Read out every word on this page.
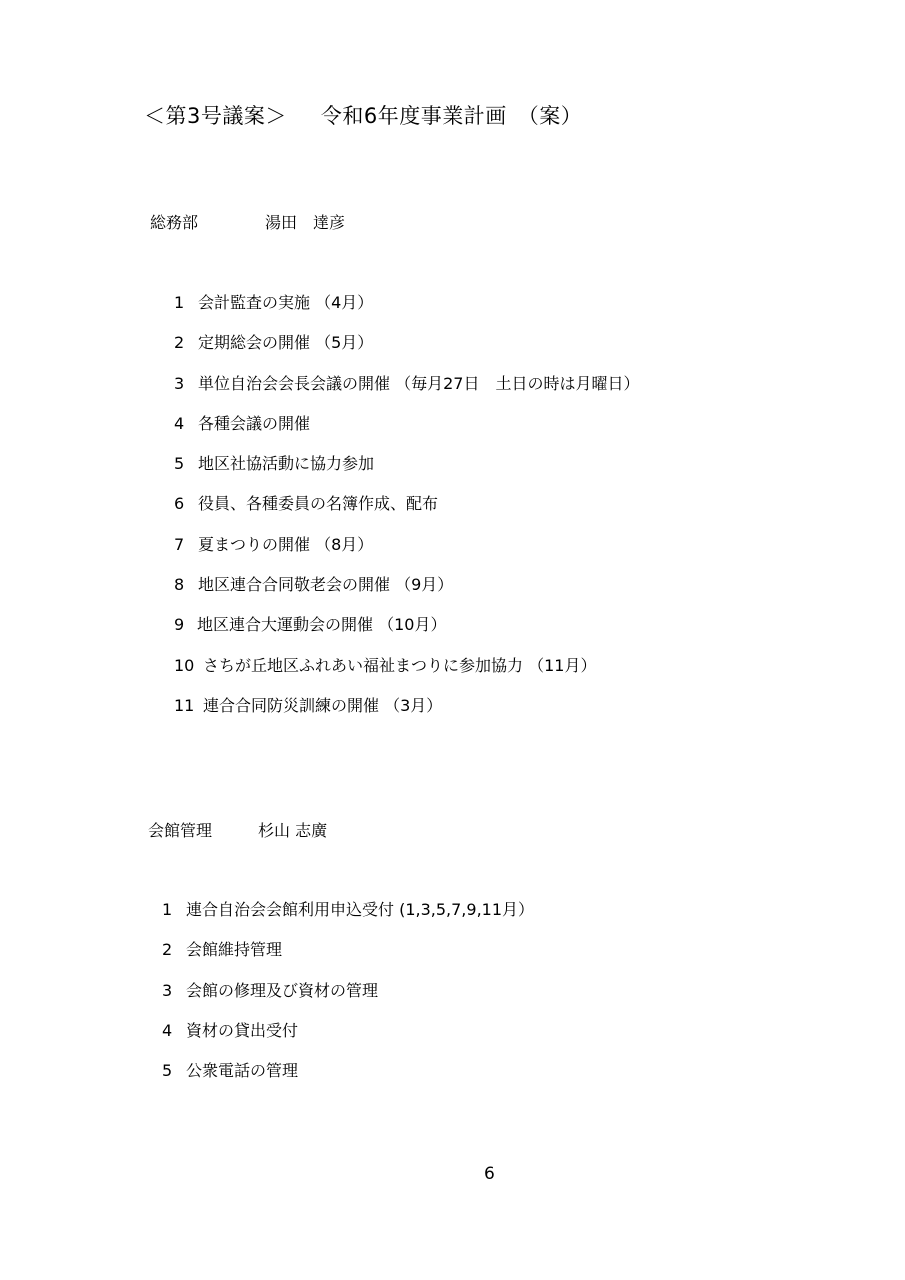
＜第3号議案＞ 令和6年度事業計画　（案）
総務部	湯田　達彦
1 会計監査の実施 （4月）
2 定期総会の開催 （5月）
3 単位自治会会長会議の開催 （毎月27日　土日の時は月曜日）
4 各種会議の開催
5 地区社協活動に協力参加
6 役員、各種委員の名簿作成、配布
7 夏まつりの開催 （8月）
8 地区連合合同敬老会の開催 （9月）
9 地区連合大運動会の開催 （10月）
10 さちが丘地区ふれあい福祉まつりに参加協力 （11月）
11 連合合同防災訓練の開催 （3月）
会館管理	杉山 志廣
1 連合自治会会館利用申込受付 (1,3,5,7,9,11月）
2 会館維持管理
3 会館の修理及び資材の管理
4 資材の貸出受付
5 公衆電話の管理
6
